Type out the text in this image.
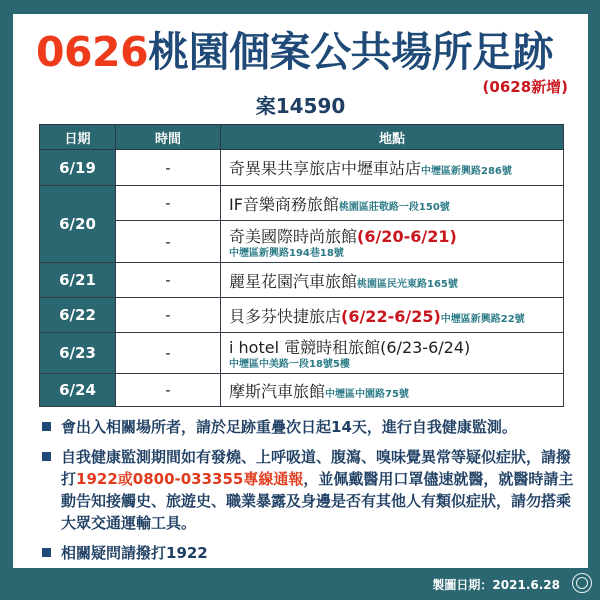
0626桃園個案公共場所足跡
(0628新增)
案14590
日期	時間	地點
6/19	-	奇異果共享旅店中壢車站店中壢區新興路286號
6/20	-	IF音樂商務旅館桃園區莊敬路一段150號
	-	奇美國際時尚旅館(6/20-6/21)
中壢區新興路194巷18號

6/21	-	麗星花園汽車旅館桃園區民光東路165號
6/22	-	貝多芬快捷旅店(6/22-6/25)中壢區新興路22號
6/23	-	i hotel 電競時租旅館(6/23-6/24)
中壢區中美路一段18號5樓

6/24	-	摩斯汽車旅館中壢區中園路75號
會出入相關場所者，請於足跡重疊次日起14天，進行自我健康監測。
自我健康監測期間如有發燒、上呼吸道、腹瀉、嗅味覺異常等疑似症狀，請撥打1922或0800-033355專線通報，並佩戴醫用口罩儘速就醫，就醫時請主動告知接觸史、旅遊史、職業暴露及身邊是否有其他人有類似症狀，請勿搭乘大眾交通運輸工具。
相關疑問請撥打1922
製圖日期：2021.6.28
